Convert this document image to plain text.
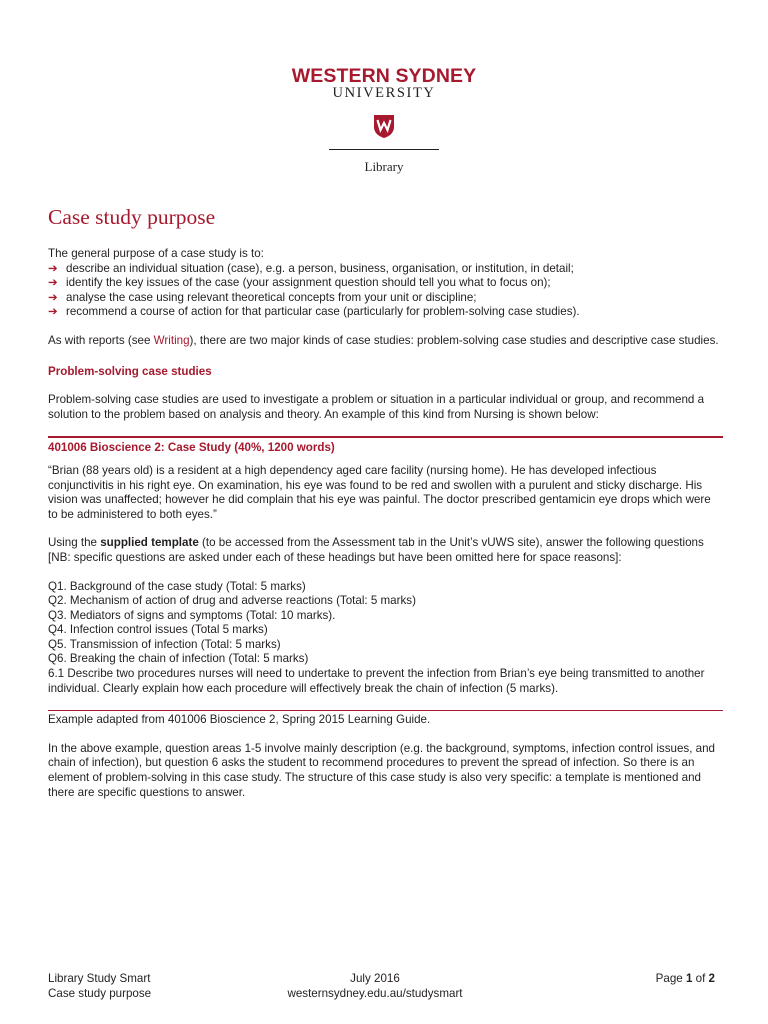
WESTERN SYDNEY
UNIVERSITY
Library
Case study purpose

The general purpose of a case study is to:

➔ describe an individual situation (case), e.g. a person, business, organisation, or institution, in detail;
➔ identify the key issues of the case (your assignment question should tell you what to focus on);
➔ analyse the case using relevant theoretical concepts from your unit or discipline;
➔ recommend a course of action for that particular case (particularly for problem-solving case studies).

As with reports (see Writing), there are two major kinds of case studies: problem-solving case studies and descriptive case studies.

Problem-solving case studies

Problem-solving case studies are used to investigate a problem or situation in a particular individual or group, and recommend a solution to the problem based on analysis and theory. An example of this kind from Nursing is shown below:

401006 Bioscience 2: Case Study (40%, 1200 words)

“Brian (88 years old) is a resident at a high dependency aged care facility (nursing home). He has developed infectious conjunctivitis in his right eye. On examination, his eye was found to be red and swollen with a purulent and sticky discharge. His vision was unaffected; however he did complain that his eye was painful. The doctor prescribed gentamicin eye drops which were to be administered to both eyes.”

Using the supplied template (to be accessed from the Assessment tab in the Unit’s vUWS site), answer the following questions [NB: specific questions are asked under each of these headings but have been omitted here for space reasons]:

Q1. Background of the case study (Total: 5 marks)
Q2. Mechanism of action of drug and adverse reactions (Total: 5 marks)
Q3. Mediators of signs and symptoms (Total: 10 marks).
Q4. Infection control issues (Total 5 marks)
Q5. Transmission of infection (Total: 5 marks)
Q6. Breaking the chain of infection (Total: 5 marks)
6.1 Describe two procedures nurses will need to undertake to prevent the infection from Brian’s eye being transmitted to another individual. Clearly explain how each procedure will effectively break the chain of infection (5 marks).
Example adapted from 401006 Bioscience 2, Spring 2015 Learning Guide.

In the above example, question areas 1-5 involve mainly description (e.g. the background, symptoms, infection control issues, and chain of infection), but question 6 asks the student to recommend procedures to prevent the spread of infection. So there is an element of problem-solving in this case study. The structure of this case study is also very specific: a template is mentioned and there are specific questions to answer.

Library Study Smart
Case study purpose
July 2016
westernsydney.edu.au/studysmart
Page 1 of 2
